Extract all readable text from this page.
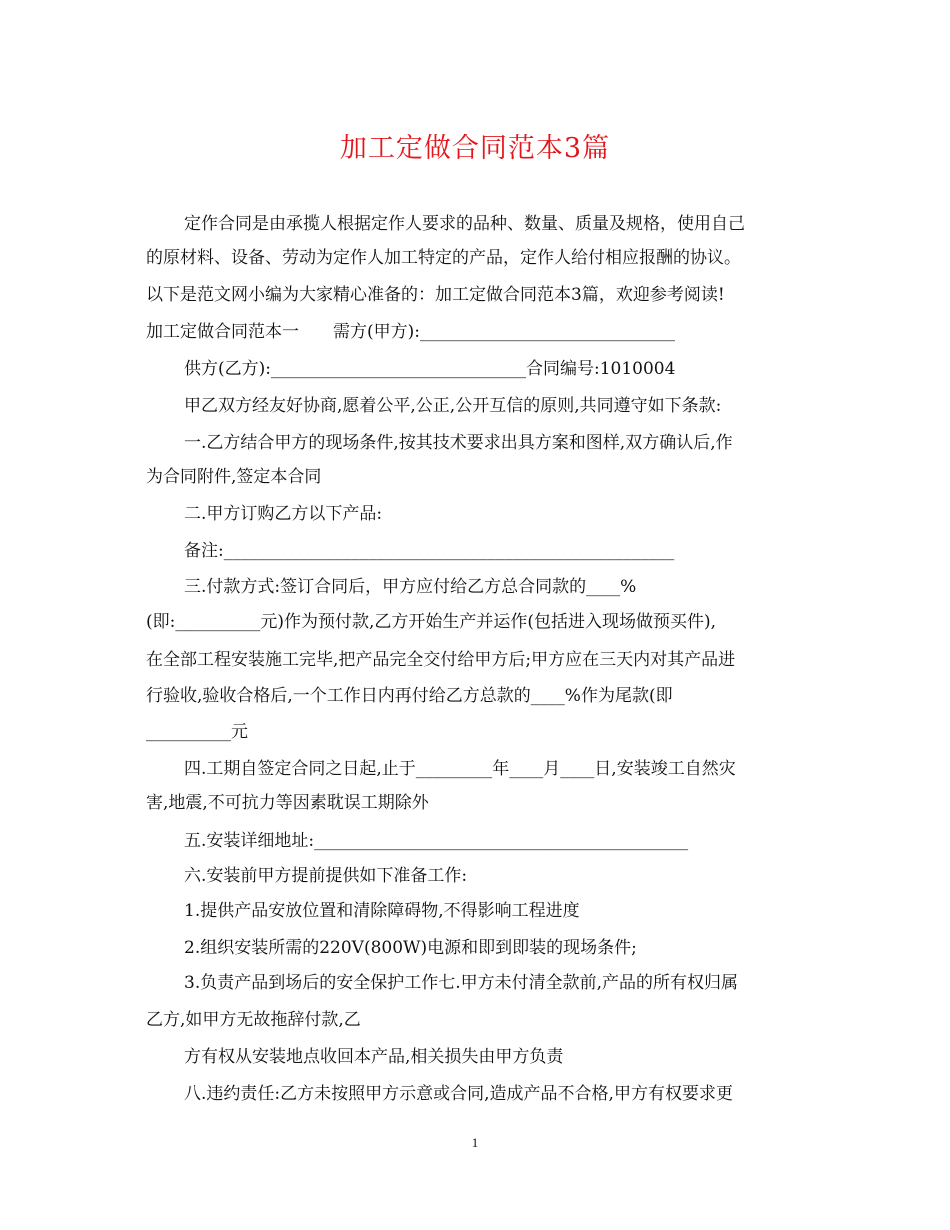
加工定做合同范本3篇
定作合同是由承揽人根据定作人要求的品种、数量、质量及规格，使用自己
的原材料、设备、劳动为定作人加工特定的产品，定作人给付相应报酬的协议。
以下是范文网小编为大家精心准备的：加工定做合同范本3篇，欢迎参考阅读!
加工定做合同范本一　　需方(甲方):______________________________
供方(乙方):______________________________合同编号:1010004
甲乙双方经友好协商,愿着公平,公正,公开互信的原则,共同遵守如下条款:
一.乙方结合甲方的现场条件,按其技术要求出具方案和图样,双方确认后,作
为合同附件,签定本合同
二.甲方订购乙方以下产品:
备注:_____________________________________________________
三.付款方式:签订合同后，甲方应付给乙方总合同款的____%
(即:__________元)作为预付款,乙方开始生产并运作(包括进入现场做预买件),
在全部工程安装施工完毕,把产品完全交付给甲方后;甲方应在三天内对其产品进
行验收,验收合格后,一个工作日内再付给乙方总款的____%作为尾款(即
__________元
四.工期自签定合同之日起,止于_________年____月____日,安装竣工自然灾
害,地震,不可抗力等因素耽误工期除外
五.安装详细地址:____________________________________________
六.安装前甲方提前提供如下准备工作:
1.提供产品安放位置和清除障碍物,不得影响工程进度
2.组织安装所需的220V(800W)电源和即到即装的现场条件;
3.负责产品到场后的安全保护工作七.甲方未付清全款前,产品的所有权归属
乙方,如甲方无故拖辞付款,乙
方有权从安装地点收回本产品,相关损失由甲方负责
八.违约责任:乙方未按照甲方示意或合同,造成产品不合格,甲方有权要求更
1
